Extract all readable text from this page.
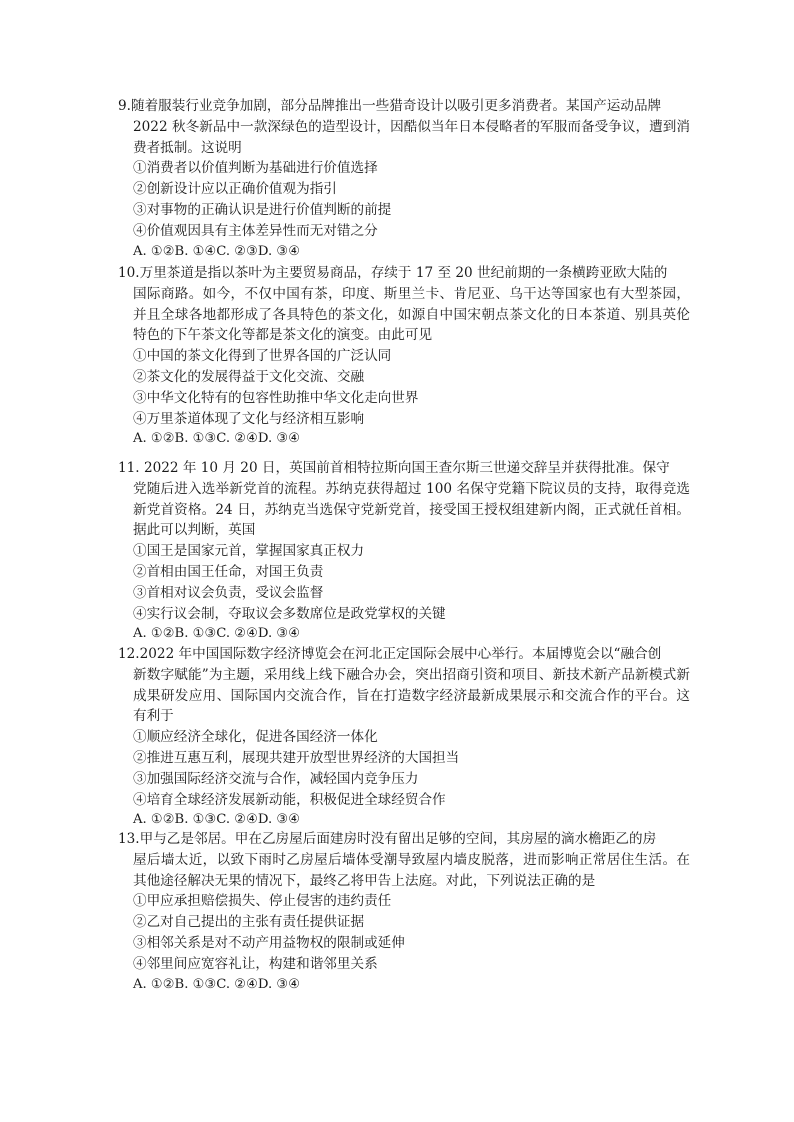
9.随着服装行业竞争加剧，部分品牌推出一些猎奇设计以吸引更多消费者。某国产运动品牌
2022 秋冬新品中一款深绿色的造型设计，因酷似当年日本侵略者的军服而备受争议，遭到消费者抵制。这说明
①消费者以价值判断为基础进行价值选择
②创新设计应以正确价值观为指引
③对事物的正确认识是进行价值判断的前提
④价值观因具有主体差异性而无对错之分
A. ①②B. ①④C. ②③D. ③④
10.万里茶道是指以茶叶为主要贸易商品，存续于 17 至 20 世纪前期的一条横跨亚欧大陆的
国际商路。如今，不仅中国有茶，印度、斯里兰卡、肯尼亚、乌干达等国家也有大型茶园，并且全球各地都形成了各具特色的茶文化，如源自中国宋朝点茶文化的日本茶道、别具英伦特色的下午茶文化等都是茶文化的演变。由此可见
①中国的茶文化得到了世界各国的广泛认同
②茶文化的发展得益于文化交流、交融
③中华文化特有的包容性助推中华文化走向世界
④万里茶道体现了文化与经济相互影响
A. ①②B. ①③C. ②④D. ③④
11. 2022 年 10 月 20 日，英国前首相特拉斯向国王查尔斯三世递交辞呈并获得批准。保守
党随后进入选举新党首的流程。苏纳克获得超过 100 名保守党籍下院议员的支持，取得竞选新党首资格。24 日，苏纳克当选保守党新党首，接受国王授权组建新内阁，正式就任首相。据此可以判断，英国
①国王是国家元首，掌握国家真正权力
②首相由国王任命，对国王负责
③首相对议会负责，受议会监督
④实行议会制，夺取议会多数席位是政党掌权的关键
A. ①②B. ①③C. ②④D. ③④
12.2022 年中国国际数字经济博览会在河北正定国际会展中心举行。本届博览会以“融合创
新数字赋能”为主题，采用线上线下融合办会，突出招商引资和项目、新技术新产品新模式新成果研发应用、国际国内交流合作，旨在打造数字经济最新成果展示和交流合作的平台。这有利于
①顺应经济全球化，促进各国经济一体化
②推进互惠互利，展现共建开放型世界经济的大国担当
③加强国际经济交流与合作，减轻国内竞争压力
④培育全球经济发展新动能，积极促进全球经贸合作
A. ①②B. ①③C. ②④D. ③④
13.甲与乙是邻居。甲在乙房屋后面建房时没有留出足够的空间，其房屋的滴水檐距乙的房
屋后墙太近，以致下雨时乙房屋后墙体受潮导致屋内墙皮脱落，进而影响正常居住生活。在其他途径解决无果的情况下，最终乙将甲告上法庭。对此，下列说法正确的是
①甲应承担赔偿损失、停止侵害的违约责任
②乙对自己提出的主张有责任提供证据
③相邻关系是对不动产用益物权的限制或延伸
④邻里间应宽容礼让，构建和谐邻里关系
A. ①②B. ①③C. ②④D. ③④
